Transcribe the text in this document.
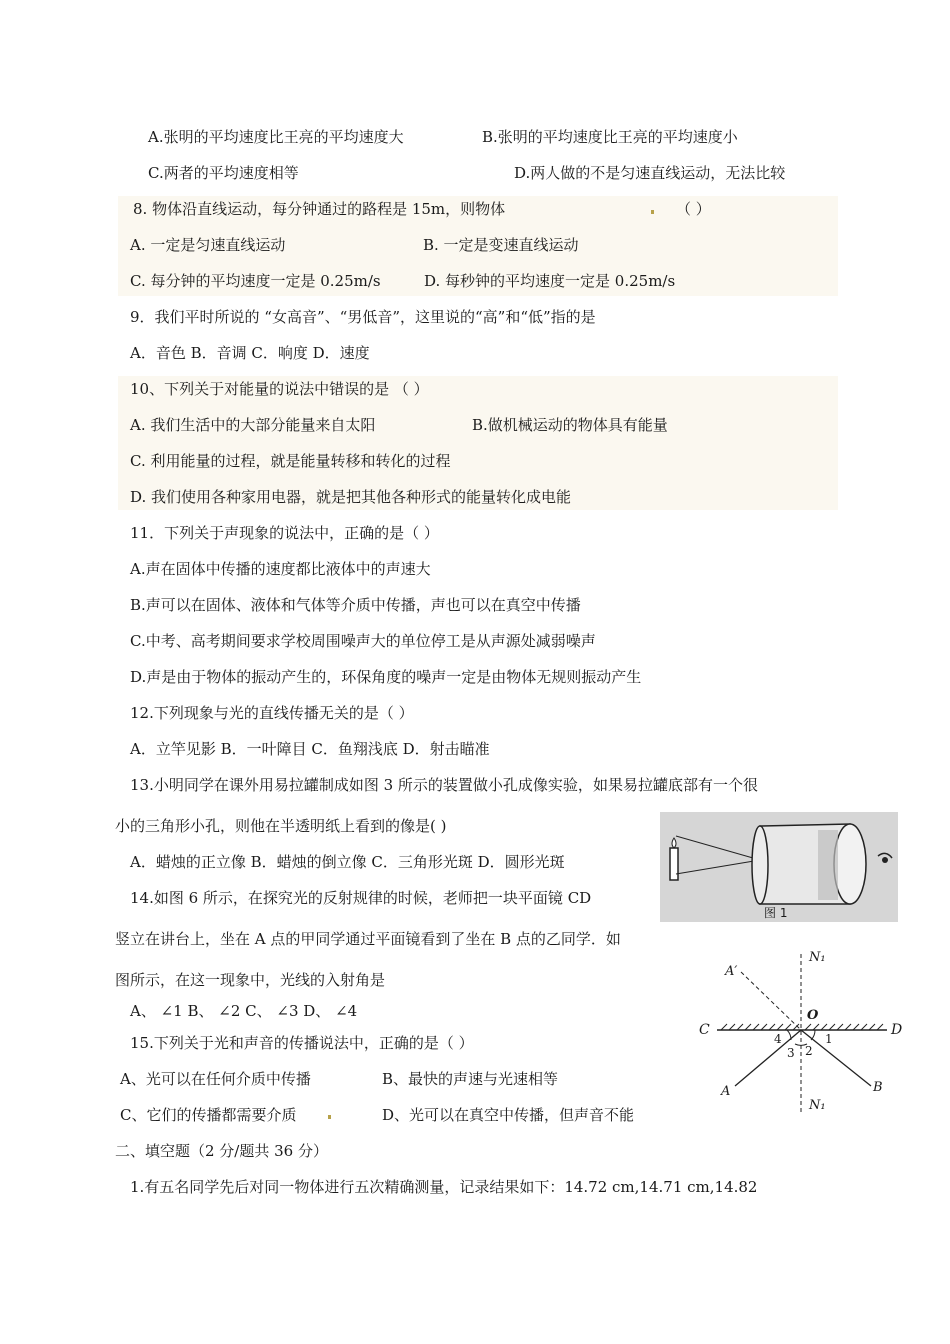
A.张明的平均速度比王亮的平均速度大	B.张明的平均速度比王亮的平均速度小
C.两者的平均速度相等	D.两人做的不是匀速直线运动，无法比较
8. 物体沿直线运动，每分钟通过的路程是 15m，则物体	（ ）
A. 一定是匀速直线运动	B. 一定是变速直线运动
C. 每分钟的平均速度一定是 0.25m/s	D. 每秒钟的平均速度一定是 0.25m/s
9．我们平时所说的 “女高音”、“男低音”，这里说的“高”和“低”指的是
A．音色 B．音调 C．响度 D．速度
10、下列关于对能量的说法中错误的是 （ ）
A. 我们生活中的大部分能量来自太阳	B.做机械运动的物体具有能量
C. 利用能量的过程，就是能量转移和转化的过程
D. 我们使用各种家用电器，就是把其他各种形式的能量转化成电能
11．下列关于声现象的说法中，正确的是（ ）
A.声在固体中传播的速度都比液体中的声速大
B.声可以在固体、液体和气体等介质中传播，声也可以在真空中传播
C.中考、高考期间要求学校周围噪声大的单位停工是从声源处减弱噪声
D.声是由于物体的振动产生的，环保角度的噪声一定是由物体无规则振动产生
12.下列现象与光的直线传播无关的是（ ）
A．立竿见影 B．一叶障目 C．鱼翔浅底 D．射击瞄准
13.小明同学在课外用易拉罐制成如图 3 所示的装置做小孔成像实验，如果易拉罐底部有一个很
小的三角形小孔，则他在半透明纸上看到的像是( )
A．蜡烛的正立像 B．蜡烛的倒立像 C．三角形光斑 D．圆形光斑
图 1
14.如图 6 所示，在探究光的反射规律的时候，老师把一块平面镜 CD
竖立在讲台上，坐在 A 点的甲同学通过平面镜看到了坐在 B 点的乙同学．如
图所示，在这一现象中，光线的入射角是
A、 ∠1 B、 ∠2 C、 ∠3 D、 ∠4
N₁
A′
O
C	D
4	1
3 2
A	B
N₁
15.下列关于光和声音的传播说法中，正确的是（ ）
A、光可以在任何介质中传播	B、最快的声速与光速相等
C、它们的传播都需要介质	D、光可以在真空中传播，但声音不能
二、填空题（2 分/题共 36 分）
1.有五名同学先后对同一物体进行五次精确测量，记录结果如下：14.72 cm,14.71 cm,14.82
